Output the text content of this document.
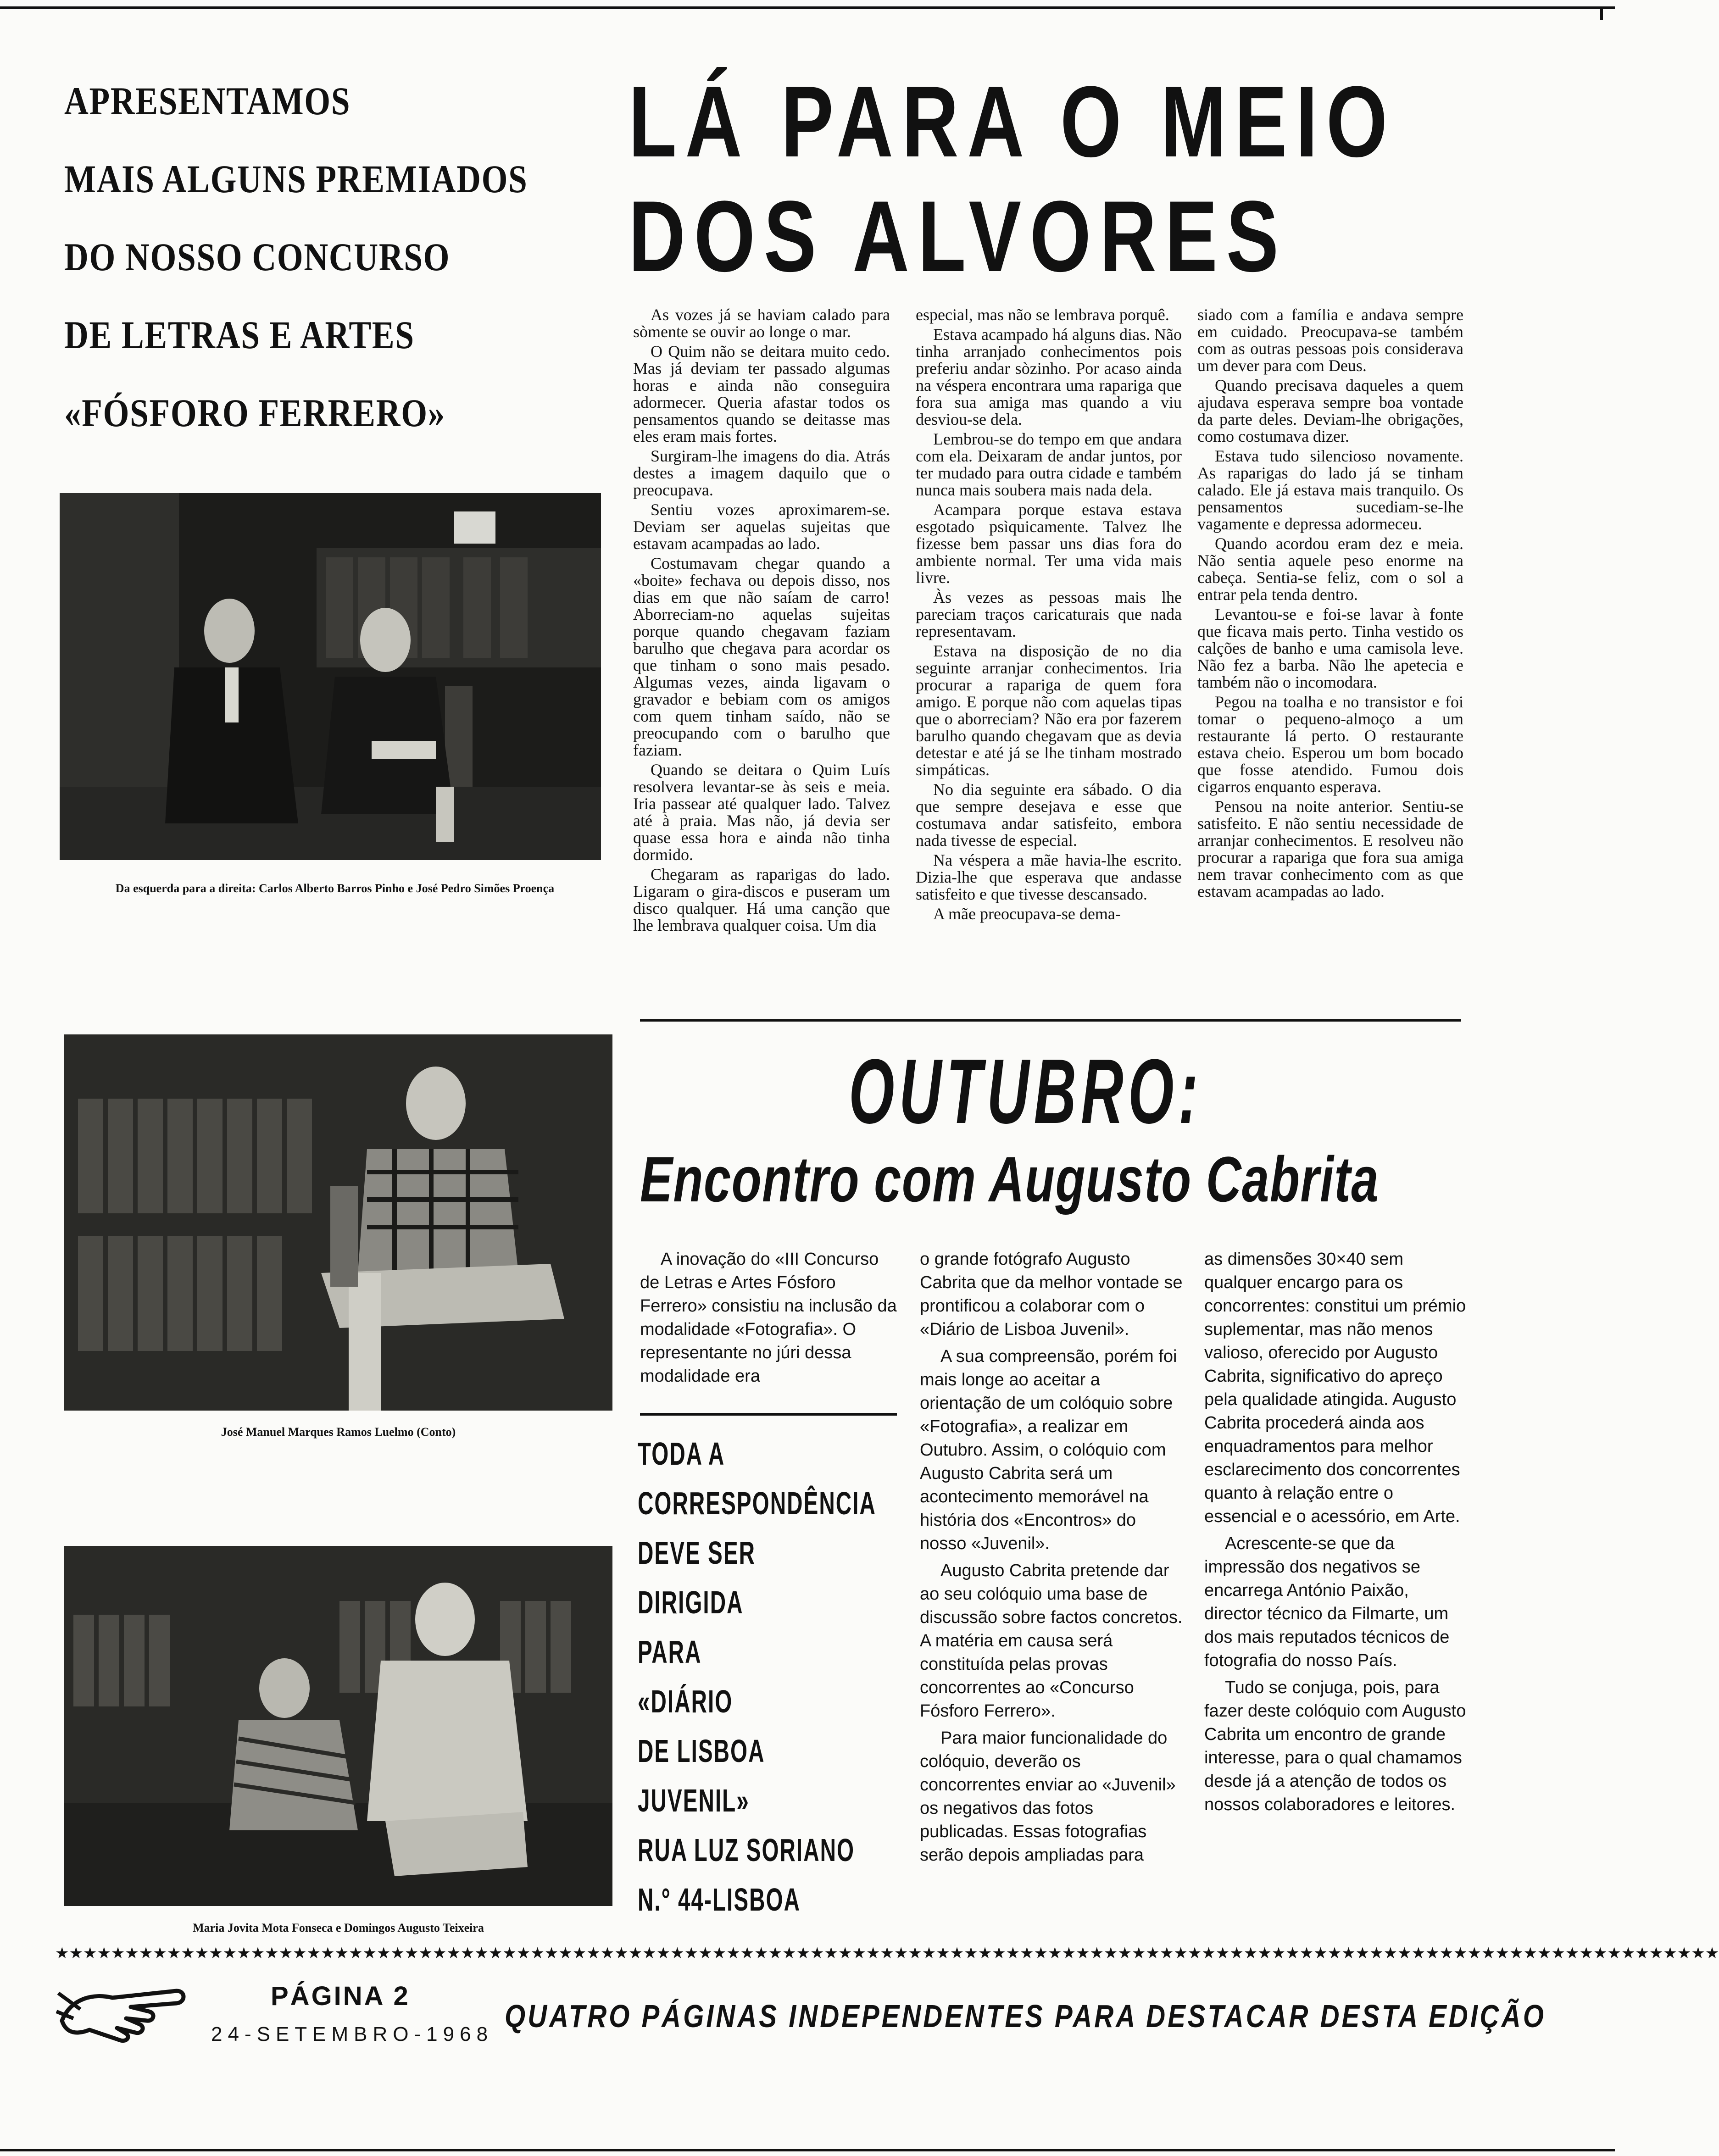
APRESENTAMOS
MAIS ALGUNS PREMIADOS
DO NOSSO CONCURSO
DE LETRAS E ARTES
«FÓSFORO FERRERO»
LÁ PARA O MEIO
DOS ALVORES

As vozes já se haviam calado para sòmente se ouvir ao longe o mar.

O Quim não se deitara muito cedo. Mas já deviam ter passado algumas horas e ainda não conseguira adormecer. Queria afastar todos os pensamentos quando se deitasse mas eles eram mais fortes.

Surgiram-lhe imagens do dia. Atrás destes a imagem daquilo que o preocupava.

Sentiu vozes aproximarem-se. Deviam ser aquelas sujeitas que estavam acampadas ao lado.

Costumavam chegar quando a «boite» fechava ou depois disso, nos dias em que não saíam de carro! Aborreciam-no aquelas sujeitas porque quando chegavam faziam barulho que chegava para acordar os que tinham o sono mais pesado. Algumas vezes, ainda ligavam o gravador e bebiam com os amigos com quem tinham saído, não se preocupando com o barulho que faziam.

Quando se deitara o Quim Luís resolvera levantar-se às seis e meia. Iria passear até qualquer lado. Talvez até à praia. Mas não, já devia ser quase essa hora e ainda não tinha dormido.

Chegaram as raparigas do lado. Ligaram o gira-discos e puseram um disco qualquer. Há uma canção que lhe lembrava qualquer coisa. Um dia

especial, mas não se lembrava porquê.

Estava acampado há alguns dias. Não tinha arranjado conhecimentos pois preferiu andar sòzinho. Por acaso ainda na véspera encontrara uma rapariga que fora sua amiga mas quando a viu desviou-se dela.

Lembrou-se do tempo em que andara com ela. Deixaram de andar juntos, por ter mudado para outra cidade e também nunca mais soubera mais nada dela.

Acampara porque estava estava esgotado psìquicamente. Talvez lhe fizesse bem passar uns dias fora do ambiente normal. Ter uma vida mais livre.

Às vezes as pessoas mais lhe pareciam traços caricaturais que nada representavam.

Estava na disposição de no dia seguinte arranjar conhecimentos. Iria procurar a rapariga de quem fora amigo. E porque não com aquelas tipas que o aborreciam? Não era por fazerem barulho quando chegavam que as devia detestar e até já se lhe tinham mostrado simpáticas.

No dia seguinte era sábado. O dia que sempre desejava e esse que costumava andar satisfeito, embora nada tivesse de especial.

Na véspera a mãe havia-lhe escrito. Dizia-lhe que esperava que andasse satisfeito e que tivesse descansado.

A mãe preocupava-se dema-

siado com a família e andava sempre em cuidado. Preocupava-se também com as outras pessoas pois considerava um dever para com Deus.

Quando precisava daqueles a quem ajudava esperava sempre boa vontade da parte deles. Deviam-lhe obrigações, como costumava dizer.

Estava tudo silencioso novamente. As raparigas do lado já se tinham calado. Ele já estava mais tranquilo. Os pensamentos sucediam-se-lhe vagamente e depressa adormeceu.

Quando acordou eram dez e meia. Não sentia aquele peso enorme na cabeça. Sentia-se feliz, com o sol a entrar pela tenda dentro.

Levantou-se e foi-se lavar à fonte que ficava mais perto. Tinha vestido os calções de banho e uma camisola leve. Não fez a barba. Não lhe apetecia e também não o incomodara.

Pegou na toalha e no transistor e foi tomar o pequeno-almoço a um restaurante lá perto. O restaurante estava cheio. Esperou um bom bocado que fosse atendido. Fumou dois cigarros enquanto esperava.

Pensou na noite anterior. Sentiu-se satisfeito. E não sentiu necessidade de arranjar conhecimentos. E resolveu não procurar a rapariga que fora sua amiga nem travar conhecimento com as que estavam acampadas ao lado.

Da esquerda para a direita: Carlos Alberto Barros Pinho e José Pedro Simões Proença
José Manuel Marques Ramos Luelmo (Conto)
Maria Jovita Mota Fonseca e Domingos Augusto Teixeira
OUTUBRO:
Encontro com Augusto Cabrita

A inovação do «III Concurso de Letras e Artes Fósforo Ferrero» consistiu na inclusão da modalidade «Fotografia». O representante no júri dessa modalidade era

TODA A
CORRESPONDÊNCIA
DEVE SER
DIRIGIDA
PARA
«DIÁRIO
DE LISBOA
JUVENIL»
RUA LUZ SORIANO
N.° 44-LISBOA

o grande fotógrafo Augusto Cabrita que da melhor vontade se prontificou a colaborar com o «Diário de Lisboa Juvenil».

A sua compreensão, porém foi mais longe ao aceitar a orientação de um colóquio sobre «Fotografia», a realizar em Outubro. Assim, o colóquio com Augusto Cabrita será um acontecimento memorável na história dos «Encontros» do nosso «Juvenil».

Augusto Cabrita pretende dar ao seu colóquio uma base de discussão sobre factos concretos. A matéria em causa será constituída pelas provas concorrentes ao «Concurso Fósforo Ferrero».

Para maior funcionalidade do colóquio, deverão os concorrentes enviar ao «Juvenil» os negativos das fotos publicadas. Essas fotografias serão depois ampliadas para

as dimensões 30×40 sem qualquer encargo para os concorrentes: constitui um prémio suplementar, mas não menos valioso, oferecido por Augusto Cabrita, significativo do apreço pela qualidade atingida. Augusto Cabrita procederá ainda aos enquadramentos para melhor esclarecimento dos concorrentes quanto à relação entre o essencial e o acessório, em Arte.

Acrescente-se que da impressão dos negativos se encarrega António Paixão, director técnico da Filmarte, um dos mais reputados técnicos de fotografia do nosso País.

Tudo se conjuga, pois, para fazer deste colóquio com Augusto Cabrita um encontro de grande interesse, para o qual chamamos desde já a atenção de todos os nossos colaboradores e leitores.

★★★★★★★★★★★★★★★★★★★★★★★★★★★★★★★★★★★★★★★★★★★★★★★★★★★★★★★★★★★★★★★★★★★★★★★★★★★★★★★★★★★★★★★★★★★★★★★★★★★★★★★★★★★★★★★★★★★★★★★
PÁGINA 2
24-SETEMBRO-1968
QUATRO PÁGINAS INDEPENDENTES PARA DESTACAR DESTA EDIÇÃO
